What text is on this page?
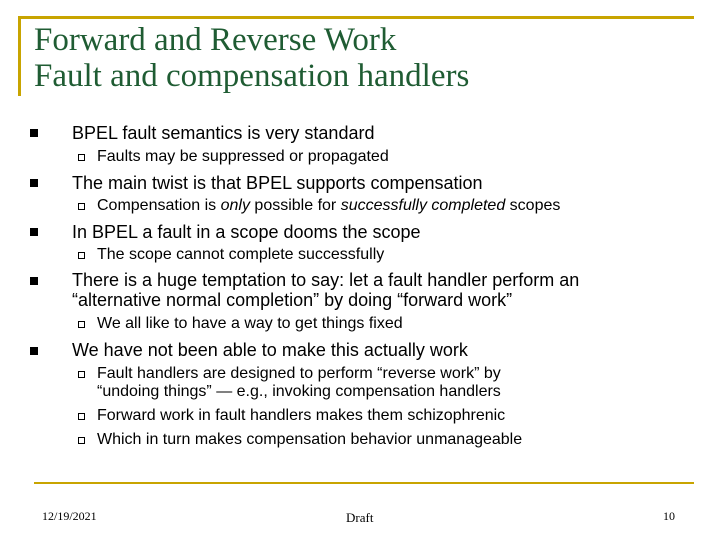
Forward and Reverse Work
Fault and compensation handlers
BPEL fault semantics is very standard
Faults may be suppressed or propagated
The main twist is that BPEL supports compensation
Compensation is only possible for successfully completed scopes
In BPEL a fault in a scope dooms the scope
The scope cannot complete successfully
There is a huge temptation to say: let a fault handler perform an
“alternative normal completion” by doing “forward work”
We all like to have a way to get things fixed
We have not been able to make this actually work
Fault handlers are designed to perform “reverse work” by
“undoing things” — e.g., invoking compensation handlers
Forward work in fault handlers makes them schizophrenic
Which in turn makes compensation behavior unmanageable
12/19/2021	Draft	10
